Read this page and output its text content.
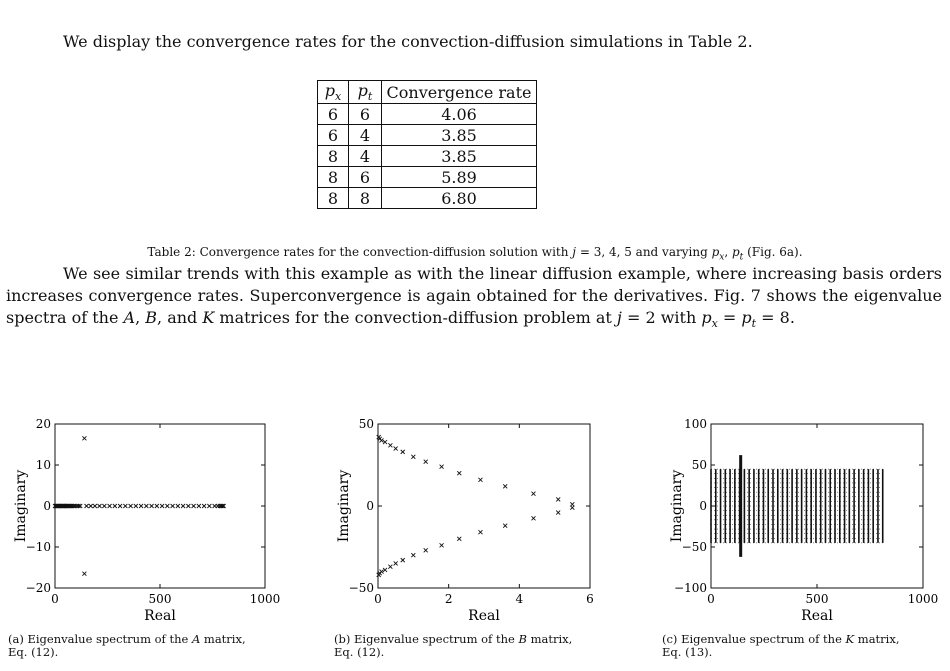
We display the convergence rates for the convection-diffusion simulations in Table 2.
$p_x$	$p_t$	Convergence rate
6	6	4.06
6	4	3.85
8	4	3.85
8	6	5.89
8	8	6.80
Table 2: Convergence rates for the convection-diffusion solution with j = 3, 4, 5 and varying $p_x$, $p_t$ (Fig. 6a).
We see similar trends with this example as with the linear diffusion example, where increasing basis orders increases convergence rates. Superconvergence is again obtained for the derivatives. Fig. 7 shows the eigenvalue spectra of the A, B, and K matrices for the convection-diffusion problem at j = 2 with $p_x = p_t = 8$.
0	500	1000
−20
−10
0
10
20
Real
Imaginary
0	2	4	6
−50
0
50
Real
Imaginary
0	500	1000
−100
−50
0
50
100
Real
Imaginary
(a) Eigenvalue spectrum of the A matrix, Eq. (12).
(b) Eigenvalue spectrum of the B matrix, Eq. (12).
(c) Eigenvalue spectrum of the K matrix, Eq. (13).
